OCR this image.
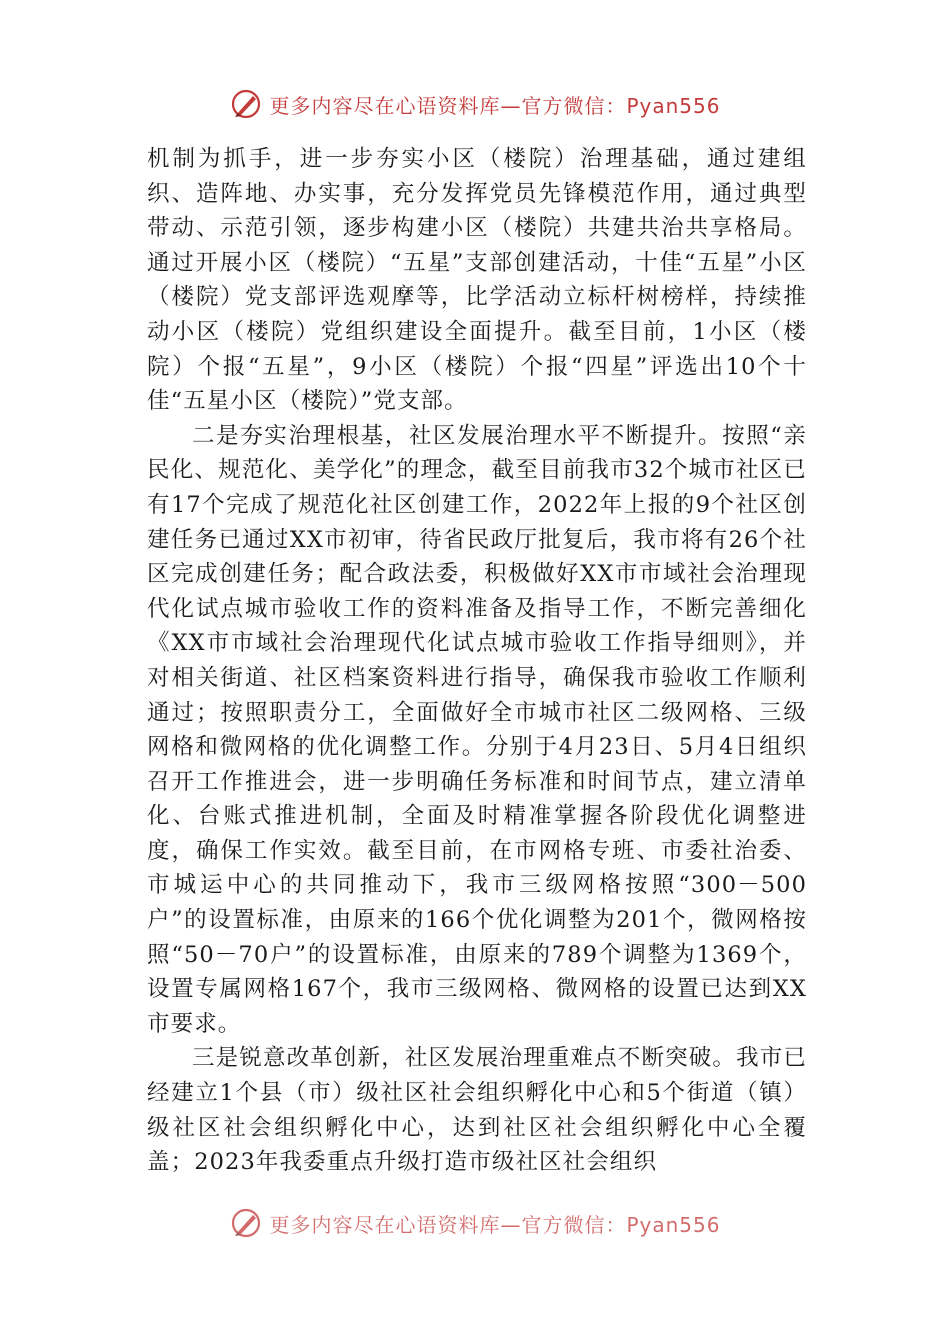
更多内容尽在心语资料库—官方微信：Pyan556

机制为抓手，进一步夯实小区（楼院）治理基础，通过建组织、造阵地、办实事，充分发挥党员先锋模范作用，通过典型带动、示范引领，逐步构建小区（楼院）共建共治共享格局。通过开展小区（楼院）“五星”支部创建活动，十佳“五星”小区（楼院）党支部评选观摩等，比学活动立标杆树榜样，持续推动小区（楼院）党组织建设全面提升。截至目前，1小区（楼院）个报“五星”，9小区（楼院）个报“四星”评选出10个十佳“五星小区（楼院）”党支部。

二是夯实治理根基，社区发展治理水平不断提升。按照“亲民化、规范化、美学化”的理念，截至目前我市32个城市社区已有17个完成了规范化社区创建工作，2022年上报的9个社区创建任务已通过XX市初审，待省民政厅批复后，我市将有26个社区完成创建任务；配合政法委，积极做好XX市市域社会治理现代化试点城市验收工作的资料准备及指导工作，不断完善细化《XX市市域社会治理现代化试点城市验收工作指导细则》，并对相关街道、社区档案资料进行指导，确保我市验收工作顺利通过；按照职责分工，全面做好全市城市社区二级网格、三级网格和微网格的优化调整工作。分别于4月23日、5月4日组织召开工作推进会，进一步明确任务标准和时间节点，建立清单化、台账式推进机制，全面及时精准掌握各阶段优化调整进度，确保工作实效。截至目前，在市网格专班、市委社治委、市城运中心的共同推动下，我市三级网格按照“300－500户”的设置标准，由原来的166个优化调整为201个，微网格按照“50－70户”的设置标准，由原来的789个调整为1369个，设置专属网格167个，我市三级网格、微网格的设置已达到XX市要求。

三是锐意改革创新，社区发展治理重难点不断突破。我市已经建立1个县（市）级社区社会组织孵化中心和5个街道（镇）级社区社会组织孵化中心，达到社区社会组织孵化中心全覆盖；2023年我委重点升级打造市级社区社会组织

更多内容尽在心语资料库—官方微信：Pyan556
